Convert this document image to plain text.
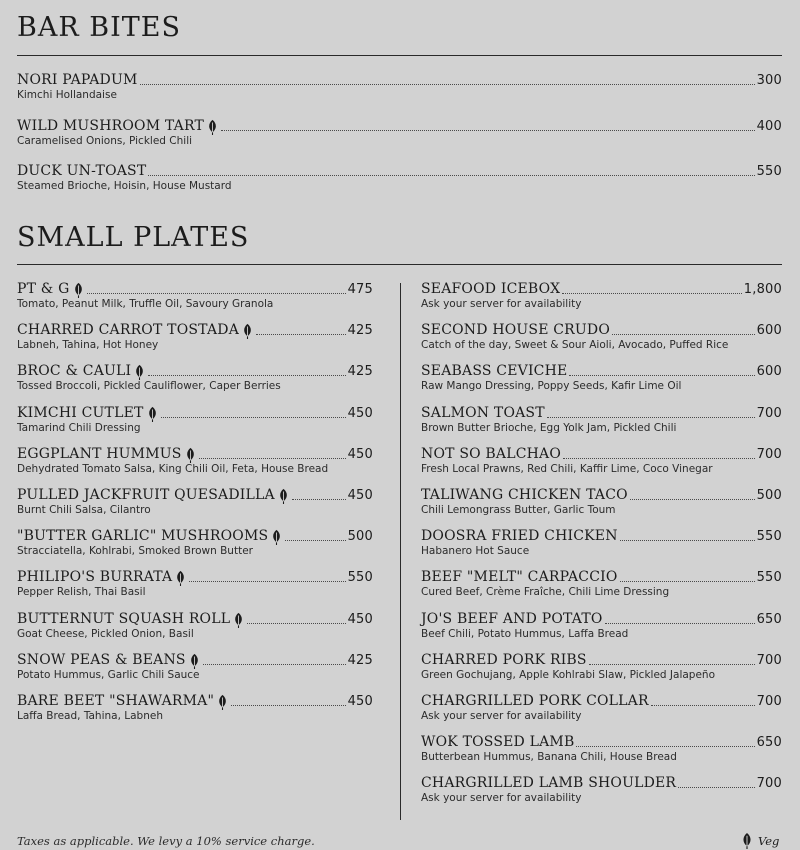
BAR BITES
NORI PAPADUM	300
Kimchi Hollandaise
WILD MUSHROOM TART	400
Caramelised Onions, Pickled Chili
DUCK UN-TOAST	550
Steamed Brioche, Hoisin, House Mustard
SMALL PLATES
PT & G	475
Tomato, Peanut Milk, Truffle Oil, Savoury Granola
CHARRED CARROT TOSTADA	425
Labneh, Tahina, Hot Honey
BROC & CAULI	425
Tossed Broccoli, Pickled Cauliflower, Caper Berries
KIMCHI CUTLET	450
Tamarind Chili Dressing
EGGPLANT HUMMUS	450
Dehydrated Tomato Salsa, King Chili Oil, Feta, House Bread
PULLED JACKFRUIT QUESADILLA	450
Burnt Chili Salsa, Cilantro
"BUTTER GARLIC" MUSHROOMS	500
Stracciatella, Kohlrabi, Smoked Brown Butter
PHILIPO'S BURRATA	550
Pepper Relish, Thai Basil
BUTTERNUT SQUASH ROLL	450
Goat Cheese, Pickled Onion, Basil
SNOW PEAS & BEANS	425
Potato Hummus, Garlic Chili Sauce
BARE BEET "SHAWARMA"	450
Laffa Bread, Tahina, Labneh
SEAFOOD ICEBOX	1,800
Ask your server for availability
SECOND HOUSE CRUDO	600
Catch of the day, Sweet & Sour Aioli, Avocado, Puffed Rice
SEABASS CEVICHE	600
Raw Mango Dressing, Poppy Seeds, Kafir Lime Oil
SALMON TOAST	700
Brown Butter Brioche, Egg Yolk Jam, Pickled Chili
NOT SO BALCHAO	700
Fresh Local Prawns, Red Chili, Kaffir Lime, Coco Vinegar
TALIWANG CHICKEN TACO	500
Chili Lemongrass Butter, Garlic Toum
DOOSRA FRIED CHICKEN	550
Habanero Hot Sauce
BEEF "MELT" CARPACCIO	550
Cured Beef, Crème Fraîche, Chili Lime Dressing
JO'S BEEF AND POTATO	650
Beef Chili, Potato Hummus, Laffa Bread
CHARRED PORK RIBS	700
Green Gochujang, Apple Kohlrabi Slaw, Pickled Jalapeño
CHARGRILLED PORK COLLAR	700
Ask your server for availability
WOK TOSSED LAMB	650
Butterbean Hummus, Banana Chili, House Bread
CHARGRILLED LAMB SHOULDER	700
Ask your server for availability
Taxes as applicable. We levy a 10% service charge.	Veg
